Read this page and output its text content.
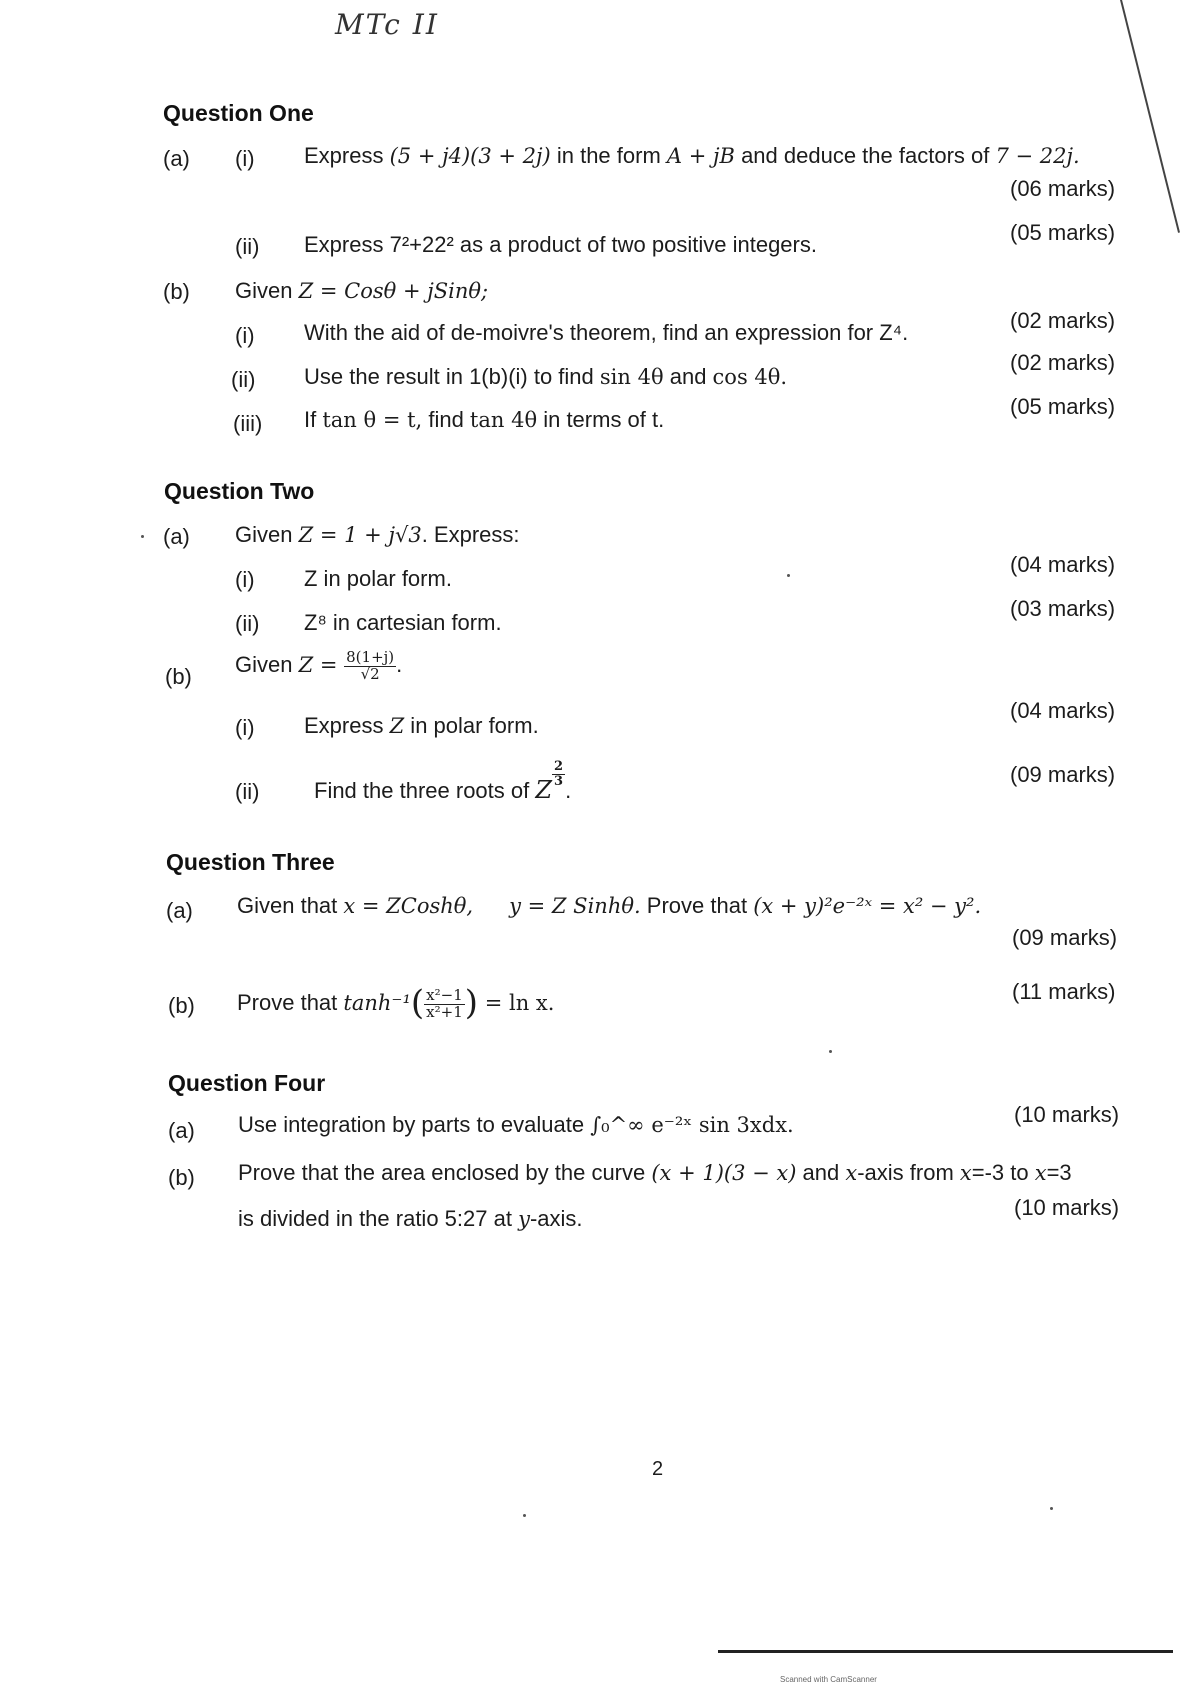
MTc II
Question One
(a) (i) Express (5 + j4)(3 + 2j) in the form A + jB and deduce the factors of 7 − 22j.
(06 marks)
(ii) Express 7²+22² as a product of two positive integers.	(05 marks)
(b) Given Z = Cosθ + jSinθ;
(i) With the aid of de-moivre's theorem, find an expression for Z⁴.	(02 marks)
(ii) Use the result in 1(b)(i) to find sin 4θ and cos 4θ.
(02 marks)
(iii) If tan θ = t, find tan 4θ in terms of t.
(05 marks)
Question Two
(a) Given Z = 1 + j√3. Express:
(i) Z in polar form.
(04 marks)
(ii) Z⁸ in cartesian form.
(03 marks)
(b) Given $Z = \frac{8(1+j)}{√2}$ .
(i) Express Z in polar form.
(04 marks)
(ii) Find the three roots of Z
$\frac{2}{3}$
.
(09 marks)
Question Three
(a) Given that x = ZCoshθ, y = Z Sinhθ. Prove that (x + y)²e⁻²ˣ = x² − y².
(09 marks)
(b) Prove that $\tanh^{-1}( \frac{\text{x²−1}}{\text{x²+1}}$ ) = ln x.	(11 marks)
Question Four
(a) Use integration by parts to evaluate ∫₀^∞ e⁻²ˣ sin 3xdx.	(10 marks)
(b) Prove that the area enclosed by the curve (x + 1)(3 − x) and x-axis from x=-3 to x=3
is divided in the ratio 5:27 at y-axis.	(10 marks)
2
Scanned with CamScanner
